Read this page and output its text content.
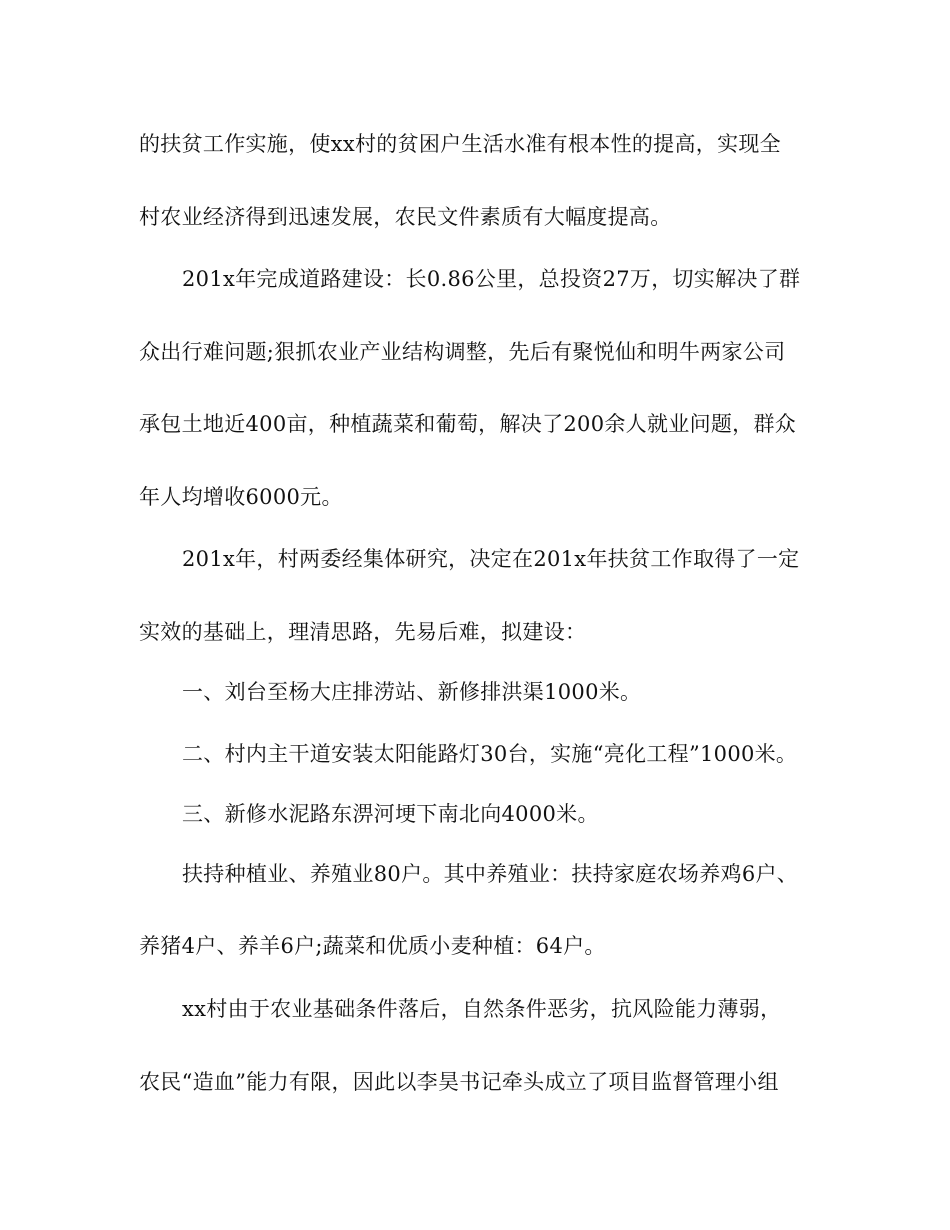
的扶贫工作实施，使xx村的贫困户生活水准有根本性的提高，实现全
村农业经济得到迅速发展，农民文件素质有大幅度提高。
201x年完成道路建设：长0.86公里，总投资27万，切实解决了群
众出行难问题;狠抓农业产业结构调整，先后有聚悦仙和明牛两家公司
承包土地近400亩，种植蔬菜和葡萄，解决了200余人就业问题，群众
年人均增收6000元。
201x年，村两委经集体研究，决定在201x年扶贫工作取得了一定
实效的基础上，理清思路，先易后难，拟建设：
一、刘台至杨大庄排涝站、新修排洪渠1000米。
二、村内主干道安装太阳能路灯30台，实施“亮化工程”1000米。
三、新修水泥路东淠河埂下南北向4000米。
扶持种植业、养殖业80户。其中养殖业：扶持家庭农场养鸡6户、
养猪4户、养羊6户;蔬菜和优质小麦种植：64户。
xx村由于农业基础条件落后，自然条件恶劣，抗风险能力薄弱，
农民“造血”能力有限，因此以李昊书记牵头成立了项目监督管理小组
